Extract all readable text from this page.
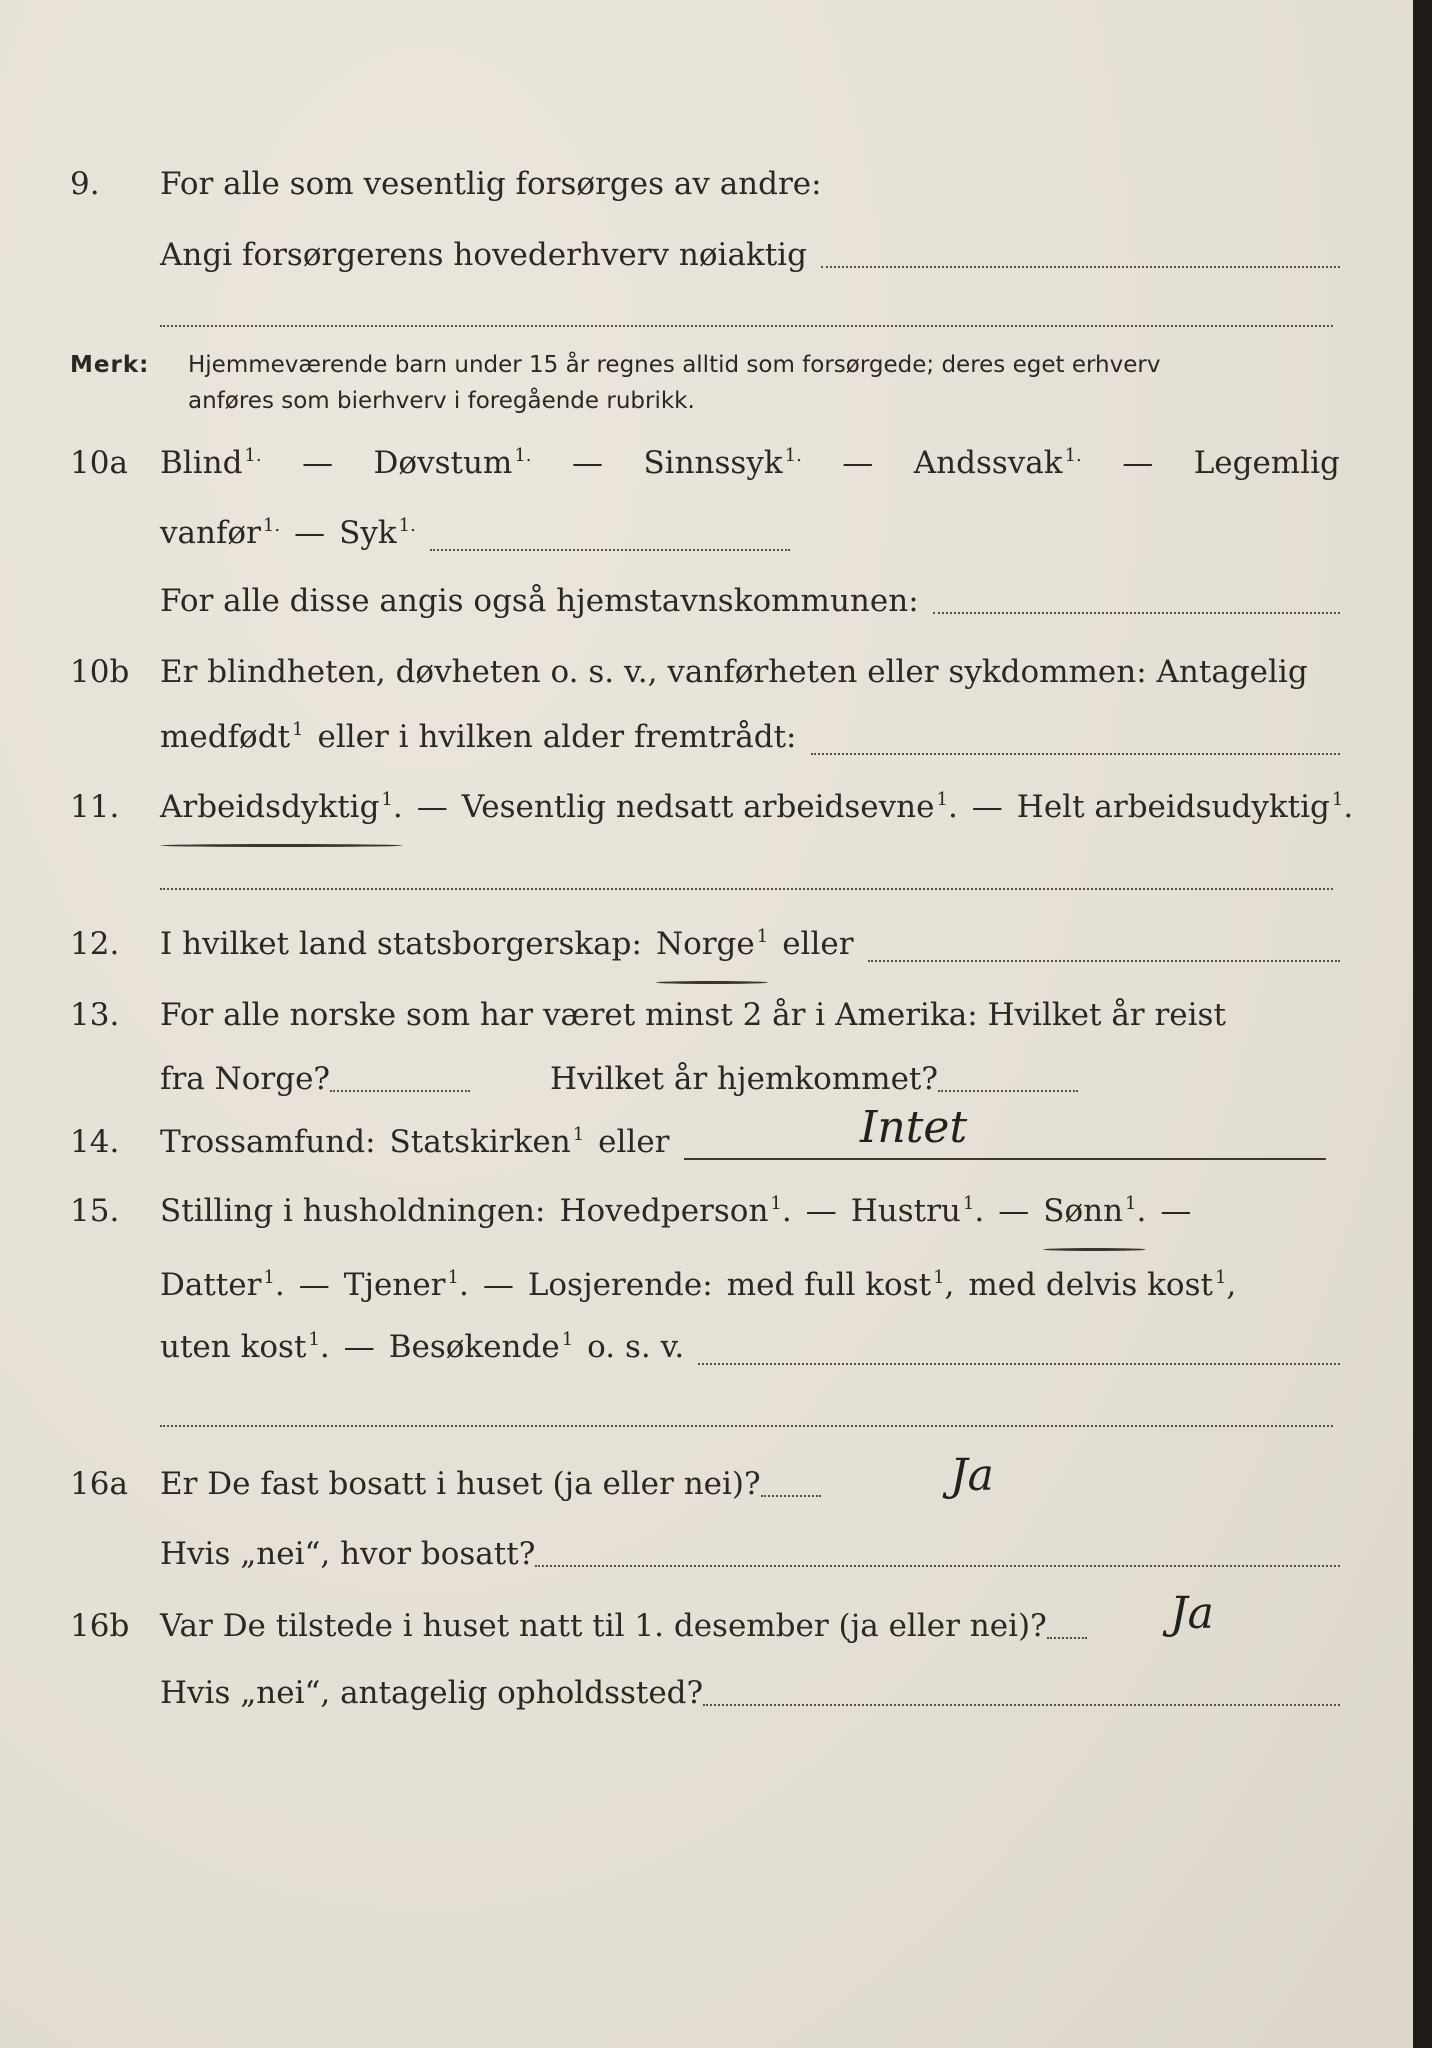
9. For alle som vesentlig forsørges av andre:
Angi forsørgerens hovederhverv nøiaktig
Merk: Hjemmeværende barn under 15 år regnes alltid som forsørgede; deres eget erhverv
anføres som bierhverv i foregående rubrikk.
10a Blind $^{1.}$ — Døvstum $^{1.}$ — Sinnssyk $^{1.}$ — Andssvak $^{1.}$ — Legemlig
vanfør $^{1.}$ — Syk $^{1.}$
For alle disse angis også hjemstavnskommunen:
10b Er blindheten, døvheten o. s. v., vanførheten eller sykdommen: Antagelig
medfødt $^1$ eller i hvilken alder fremtrådt:
11. Arbeidsdyktig $^1$. — Vesentlig nedsatt arbeidsevne $^1$. — Helt arbeidsudyktig $^1$.
12. I hvilket land statsborgerskap: Norge $^1$ eller
13. For alle norske som har været minst 2 år i Amerika: Hvilket år reist
fra Norge?	Hvilket år hjemkommet?
14. Trossamfund: Statskirken $^1$ eller	Intet
15. Stilling i husholdningen: Hovedperson $^1$. — Hustru $^1$. — Sønn $^1$. —
Datter $^1$. — Tjener $^1$. — Losjerende: med full kost $^1$, med delvis kost $^1$,
uten kost $^1$. — Besøkende $^1$ o. s. v.
16a Er De fast bosatt i huset (ja eller nei)?	Ja
Hvis „nei“, hvor bosatt?
16b Var De tilstede i huset natt til 1. desember (ja eller nei)?	Ja
Hvis „nei“, antagelig opholdssted?
